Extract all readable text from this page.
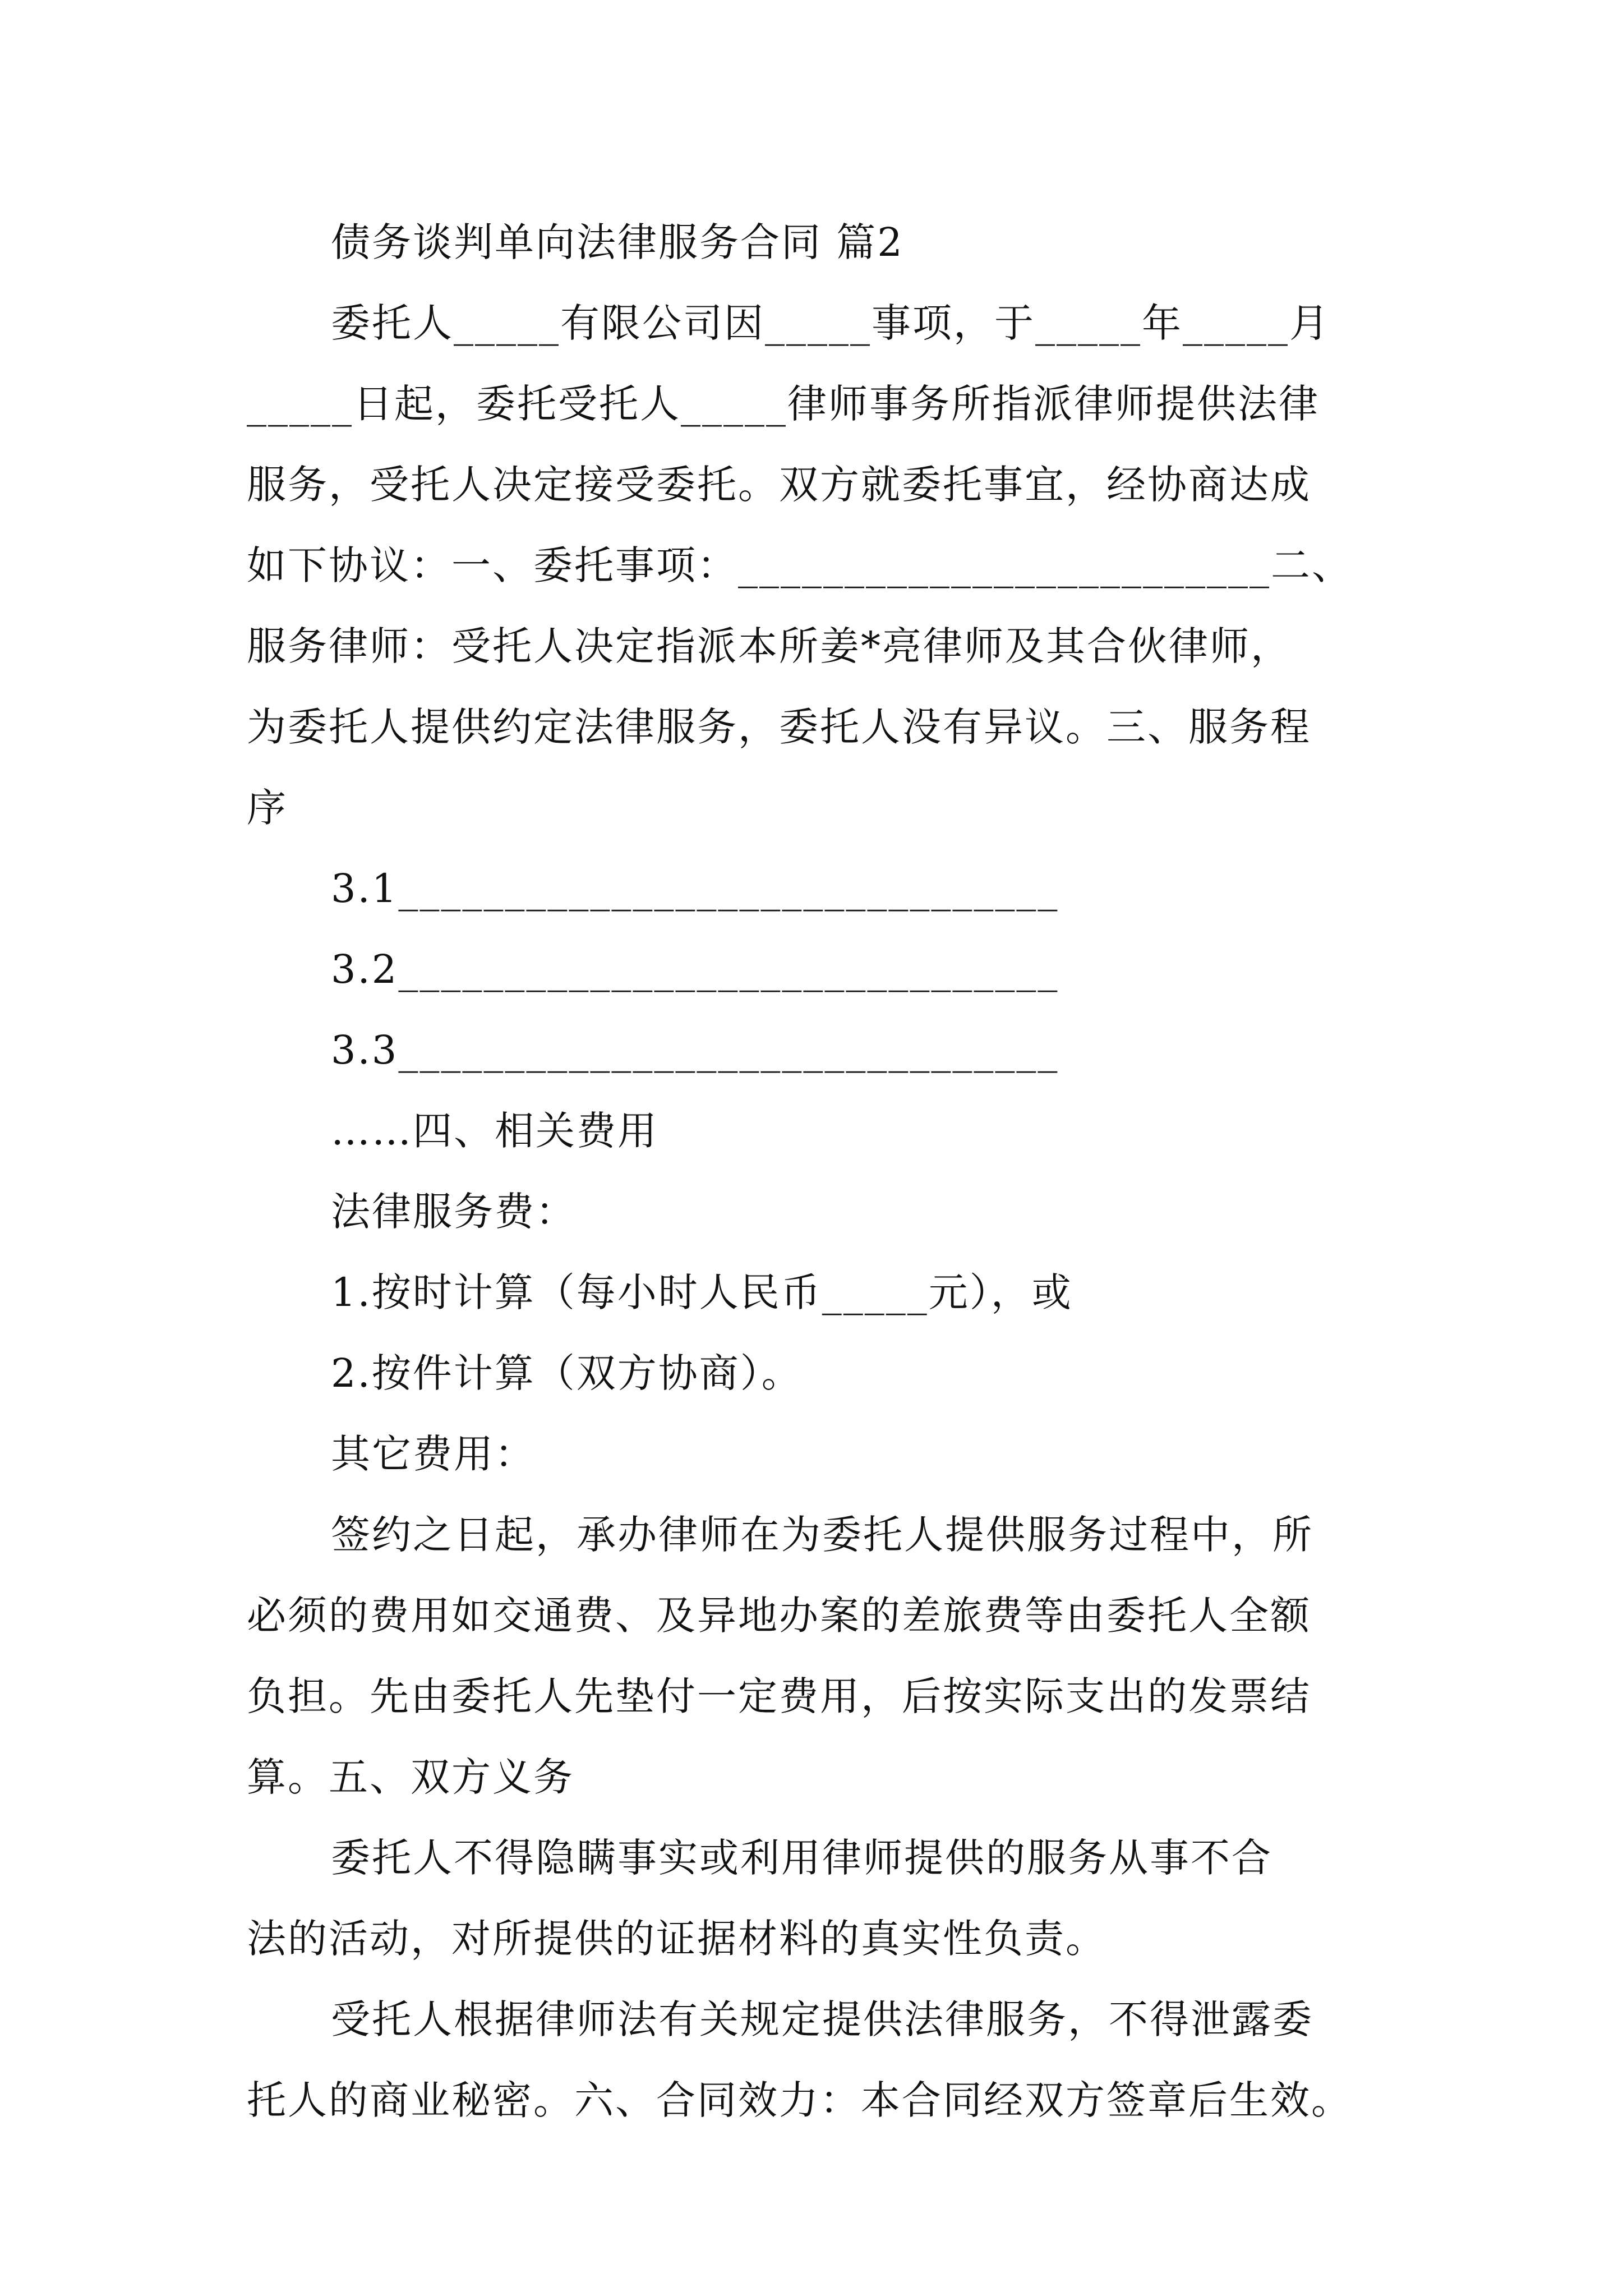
债务谈判单向法律服务合同 篇2
委托人_____有限公司因_____事项，于_____年_____月
_____日起，委托受托人_____律师事务所指派律师提供法律
服务，受托人决定接受委托。双方就委托事宜，经协商达成
如下协议：一、委托事项：_________________________二、
服务律师：受托人决定指派本所姜*亮律师及其合伙律师，
为委托人提供约定法律服务，委托人没有异议。三、服务程
序
3.1_______________________________
3.2_______________________________
3.3_______________________________
……四、相关费用
法律服务费：
1.按时计算（每小时人民币_____元），或
2.按件计算（双方协商）。
其它费用：
签约之日起，承办律师在为委托人提供服务过程中，所
必须的费用如交通费、及异地办案的差旅费等由委托人全额
负担。先由委托人先垫付一定费用，后按实际支出的发票结
算。五、双方义务
委托人不得隐瞒事实或利用律师提供的服务从事不合
法的活动，对所提供的证据材料的真实性负责。
受托人根据律师法有关规定提供法律服务，不得泄露委
托人的商业秘密。六、合同效力：本合同经双方签章后生效。
